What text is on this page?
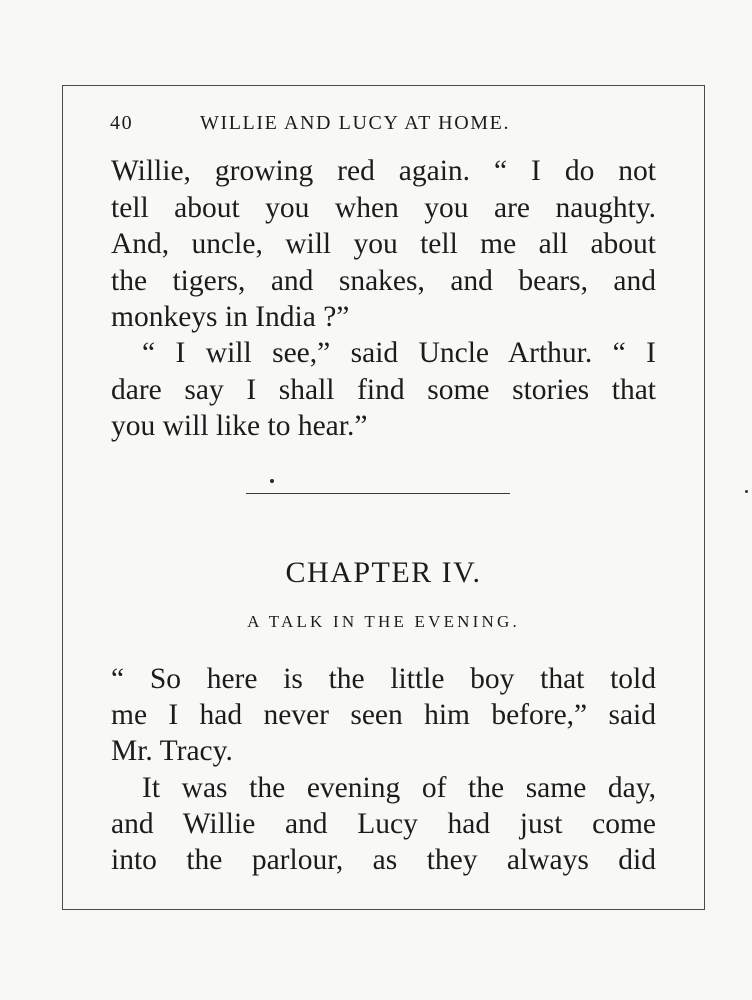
40	WILLIE AND LUCY AT HOME.
Willie, growing red again. “ I do not
tell about you when you are naughty.
And, uncle, will you tell me all about
the tigers, and snakes, and bears, and
monkeys in India ?”
“ I will see,” said Uncle Arthur. “ I
dare say I shall find some stories that
you will like to hear.”
CHAPTER IV.
A TALK IN THE EVENING.
“ So here is the little boy that told
me I had never seen him before,” said
Mr. Tracy.
It was the evening of the same day,
and Willie and Lucy had just come
into the parlour, as they always did
